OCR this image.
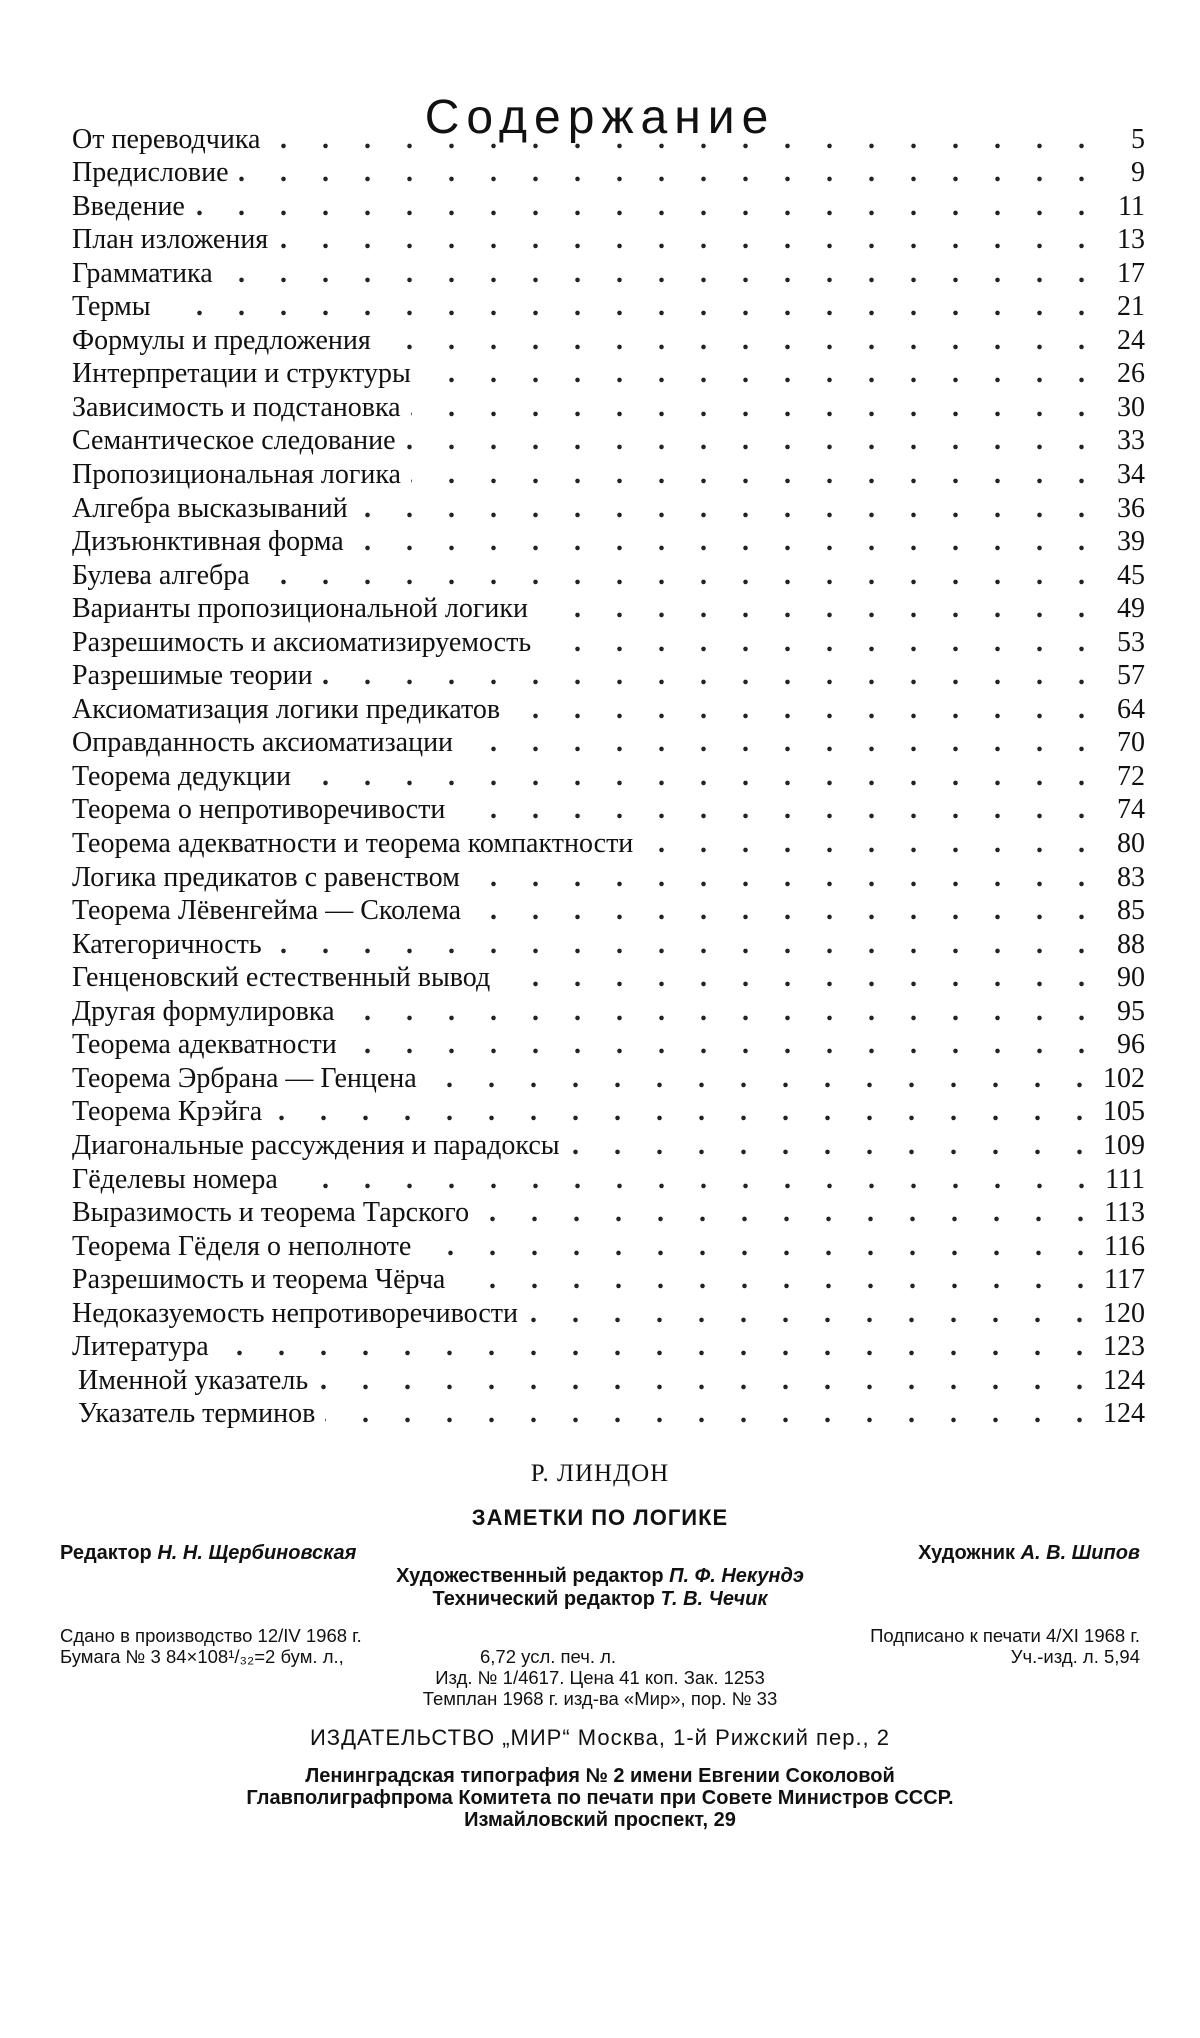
Содержание
От переводчика . . .	5
Предисловие . . .	9
Введение . . .	11
План изложения . . .	13
Грамматика . . .	17
Термы . . .	21
Формулы и предложения . . .	24
Интерпретации и структуры . . .	26
Зависимость и подстановка . . .	30
Семантическое следование . . .	33
Пропозициональная логика . . .	34
Алгебра высказываний . . .	36
Дизъюнктивная форма . . .	39
Булева алгебра . . .	45
Варианты пропозициональной логики . . .	49
Разрешимость и аксиоматизируемость . . .	53
Разрешимые теории . . .	57
Аксиоматизация логики предикатов . . .	64
Оправданность аксиоматизации . . .	70
Теорема дедукции . . .	72
Теорема о непротиворечивости . . .	74
Теорема адекватности и теорема компактности . . .	80
Логика предикатов с равенством . . .	83
Теорема Лёвенгейма — Сколема . . .	85
Категоричность . . .	88
Генценовский естественный вывод . . .	90
Другая формулировка . . .	95
Теорема адекватности . . .	96
Теорема Эрбрана — Генцена . . .	102
Теорема Крэйга . . .	105
Диагональные рассуждения и парадоксы . . .	109
Гёделевы номера . . .	111
Выразимость и теорема Тарского . . .	113
Теорема Гёделя о неполноте . . .	116
Разрешимость и теорема Чёрча . . .	117
Недоказуемость непротиворечивости . . .	120
Литература . . .	123
Именной указатель . . .	124
Указатель терминов . . .	124
Р. ЛИНДОН
ЗАМЕТКИ ПО ЛОГИКЕ
Редактор Н. Н. Щербиновская	Художник А. В. Шипов
Художественный редактор П. Ф. Некундэ
Технический редактор Т. В. Чечик
Сдано в производство 12/IV 1968 г.	Подписано к печати 4/XI 1968 г.
Бумага № 3 84×108¹/₃₂=2 бум. л.,	6,72 усл. печ. л.	Уч.-изд. л. 5,94
Изд. № 1/4617. Цена 41 коп. Зак. 1253
Темплан 1968 г. изд-ва «Мир», пор. № 33
ИЗДАТЕЛЬСТВО „МИР“ Москва, 1-й Рижский пер., 2
Ленинградская типография № 2 имени Евгении Соколовой
Главполиграфпрома Комитета по печати при Совете Министров СССР.
Измайловский проспект, 29
